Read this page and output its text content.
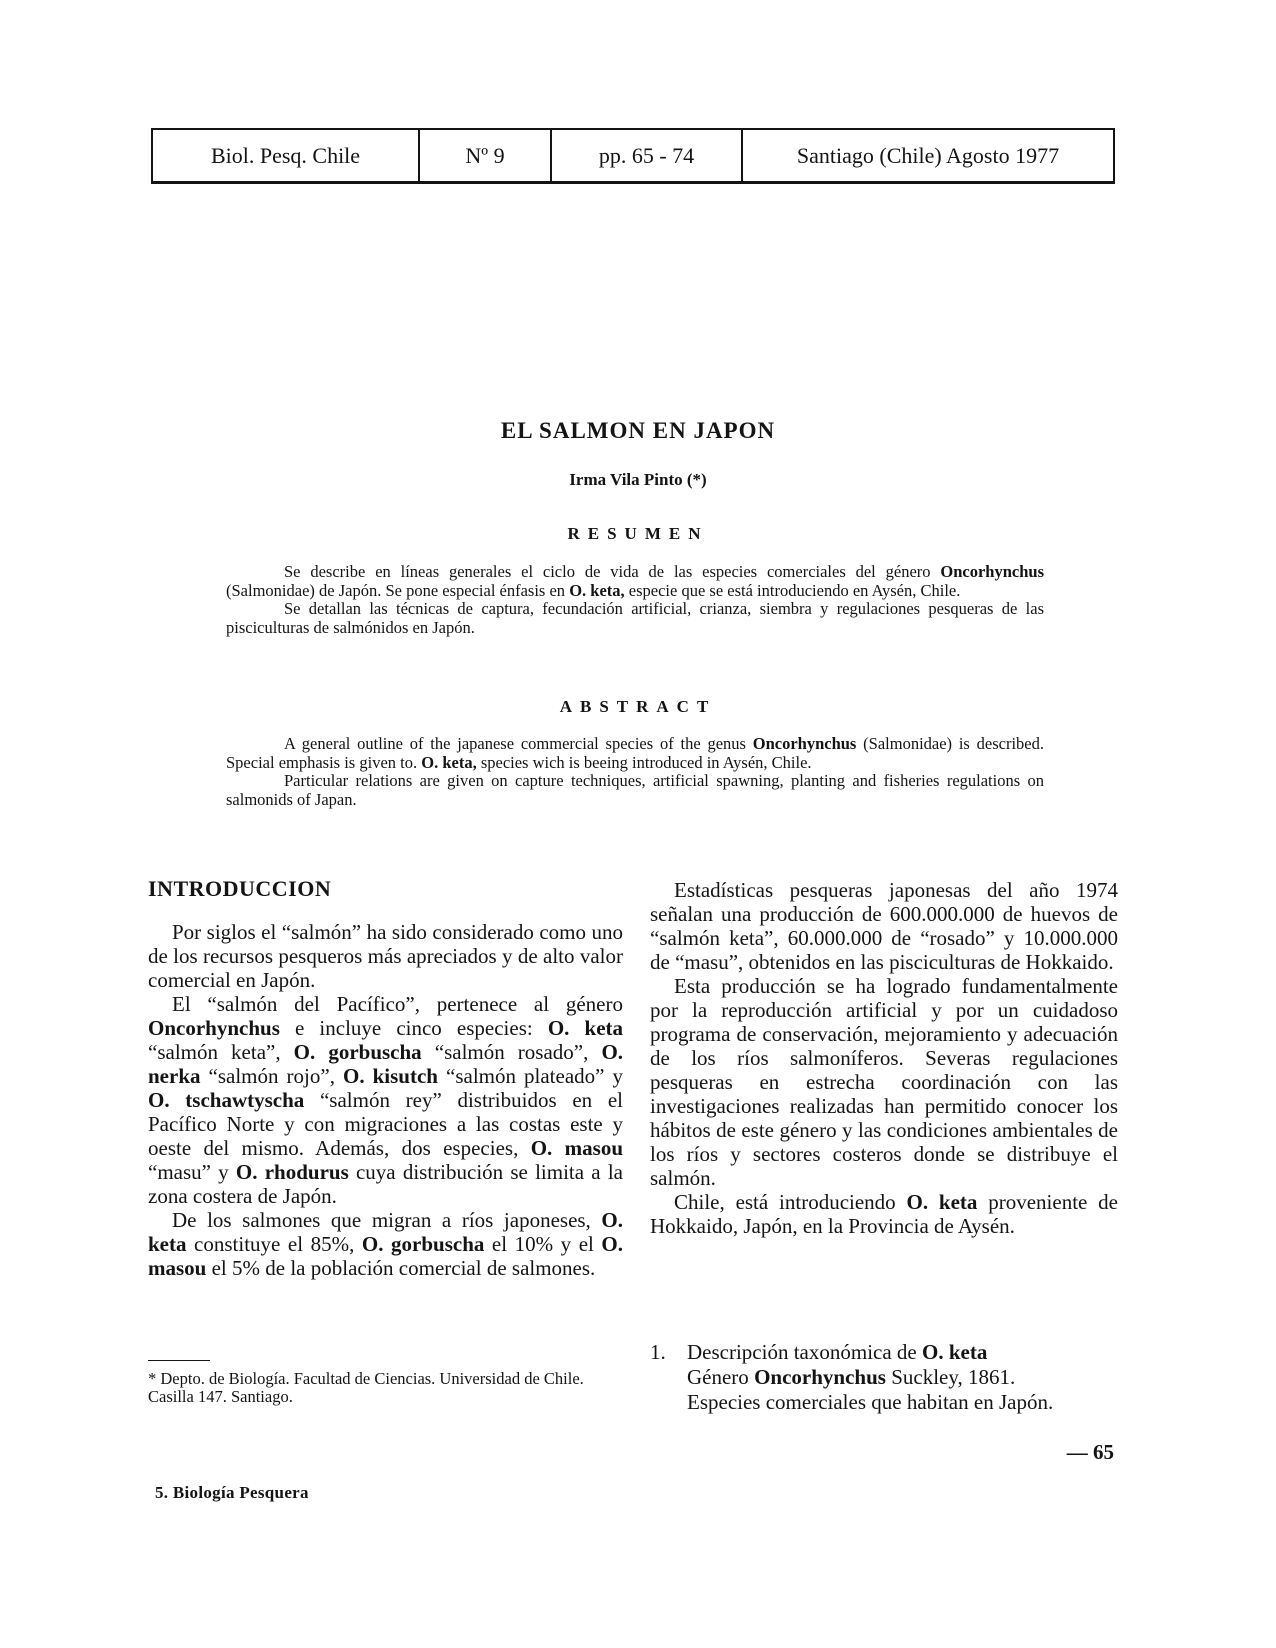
Biol. Pesq. Chile	Nº 9	pp. 65 - 74	Santiago (Chile) Agosto 1977
EL SALMON EN JAPON
Irma Vila Pinto (*)
RESUMEN

Se describe en líneas generales el ciclo de vida de las especies comerciales del género Oncorhynchus (Salmonidae) de Japón. Se pone especial énfasis en O. keta, especie que se está introduciendo en Aysén, Chile.

Se detallan las técnicas de captura, fecundación artificial, crianza, siembra y regulaciones pesqueras de las pisciculturas de salmónidos en Japón.

ABSTRACT

A general outline of the japanese commercial species of the genus Oncorhynchus (Salmonidae) is described. Special emphasis is given to. O. keta, species wich is beeing introduced in Aysén, Chile.

Particular relations are given on capture techniques, artificial spawning, planting and fisheries regulations on salmonids of Japan.

INTRODUCCION

Por siglos el “salmón” ha sido considerado como uno de los recursos pesqueros más apreciados y de alto valor comercial en Japón.

El “salmón del Pacífico”, pertenece al género Oncorhynchus e incluye cinco especies: O. keta “salmón keta”, O. gorbuscha “salmón rosado”, O. nerka “salmón rojo”, O. kisutch “salmón plateado” y O. tschawtyscha “salmón rey” distribuidos en el Pacífico Norte y con migraciones a las costas este y oeste del mismo. Además, dos especies, O. masou “masu” y O. rhodurus cuya distribución se limita a la zona costera de Japón.

De los salmones que migran a ríos japoneses, O. keta constituye el 85%, O. gorbuscha el 10% y el O. masou el 5% de la población comercial de salmones.

* Depto. de Biología. Facultad de Ciencias. Universidad de Chile. Casilla 147. Santiago.

Estadísticas pesqueras japonesas del año 1974 señalan una producción de 600.000.000 de huevos de “salmón keta”, 60.000.000 de “rosado” y 10.000.000 de “masu”, obtenidos en las pisciculturas de Hokkaido.

Esta producción se ha logrado fundamentalmente por la reproducción artificial y por un cuidadoso programa de conservación, mejoramiento y adecuación de los ríos salmoníferos. Severas regulaciones pesqueras en estrecha coordinación con las investigaciones realizadas han permitido conocer los hábitos de este género y las condiciones ambientales de los ríos y sectores costeros donde se distribuye el salmón.

Chile, está introduciendo O. keta proveniente de Hokkaido, Japón, en la Provincia de Aysén.

1. Descripción taxonómica de O. keta
Género Oncorhynchus Suckley, 1861.
Especies comerciales que habitan en Japón.
— 65
5. Biología Pesquera
